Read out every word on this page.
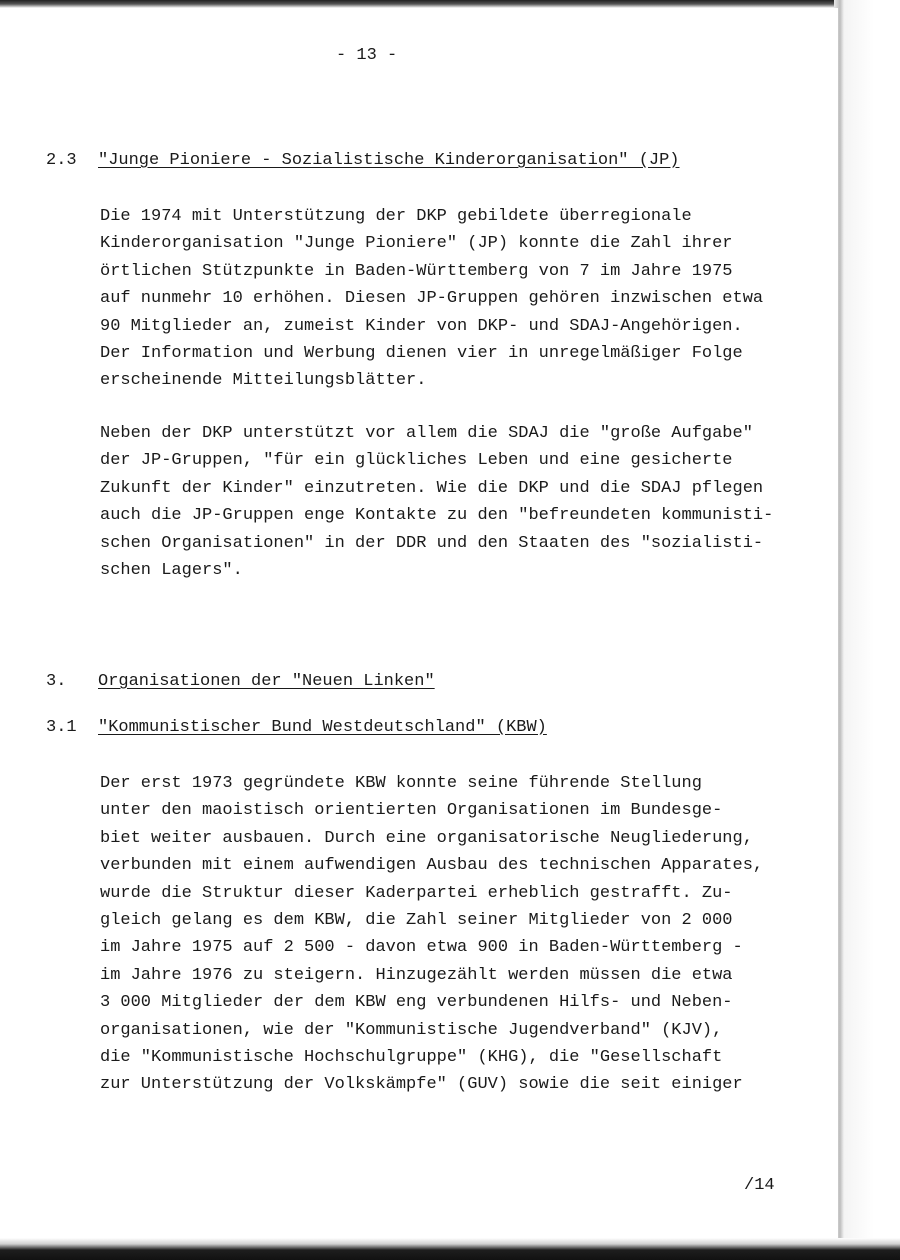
- 13 -
2.3 "Junge Pioniere - Sozialistische Kinderorganisation" (JP)
Die 1974 mit Unterstützung der DKP gebildete überregionale
Kinderorganisation "Junge Pioniere" (JP) konnte die Zahl ihrer
örtlichen Stützpunkte in Baden-Württemberg von 7 im Jahre 1975
auf nunmehr 10 erhöhen. Diesen JP-Gruppen gehören inzwischen etwa
90 Mitglieder an, zumeist Kinder von DKP- und SDAJ-Angehörigen.
Der Information und Werbung dienen vier in unregelmäßiger Folge
erscheinende Mitteilungsblätter.
Neben der DKP unterstützt vor allem die SDAJ die "große Aufgabe"
der JP-Gruppen, "für ein glückliches Leben und eine gesicherte
Zukunft der Kinder" einzutreten. Wie die DKP und die SDAJ pflegen
auch die JP-Gruppen enge Kontakte zu den "befreundeten kommunisti-
schen Organisationen" in der DDR und den Staaten des "sozialisti-
schen Lagers".
3. Organisationen der "Neuen Linken"
3.1 "Kommunistischer Bund Westdeutschland" (KBW)
Der erst 1973 gegründete KBW konnte seine führende Stellung
unter den maoistisch orientierten Organisationen im Bundesge-
biet weiter ausbauen. Durch eine organisatorische Neugliederung,
verbunden mit einem aufwendigen Ausbau des technischen Apparates,
wurde die Struktur dieser Kaderpartei erheblich gestrafft. Zu-
gleich gelang es dem KBW, die Zahl seiner Mitglieder von 2 000
im Jahre 1975 auf 2 500 - davon etwa 900 in Baden-Württemberg -
im Jahre 1976 zu steigern. Hinzugezählt werden müssen die etwa
3 000 Mitglieder der dem KBW eng verbundenen Hilfs- und Neben-
organisationen, wie der "Kommunistische Jugendverband" (KJV),
die "Kommunistische Hochschulgruppe" (KHG), die "Gesellschaft
zur Unterstützung der Volkskämpfe" (GUV) sowie die seit einiger
/14
